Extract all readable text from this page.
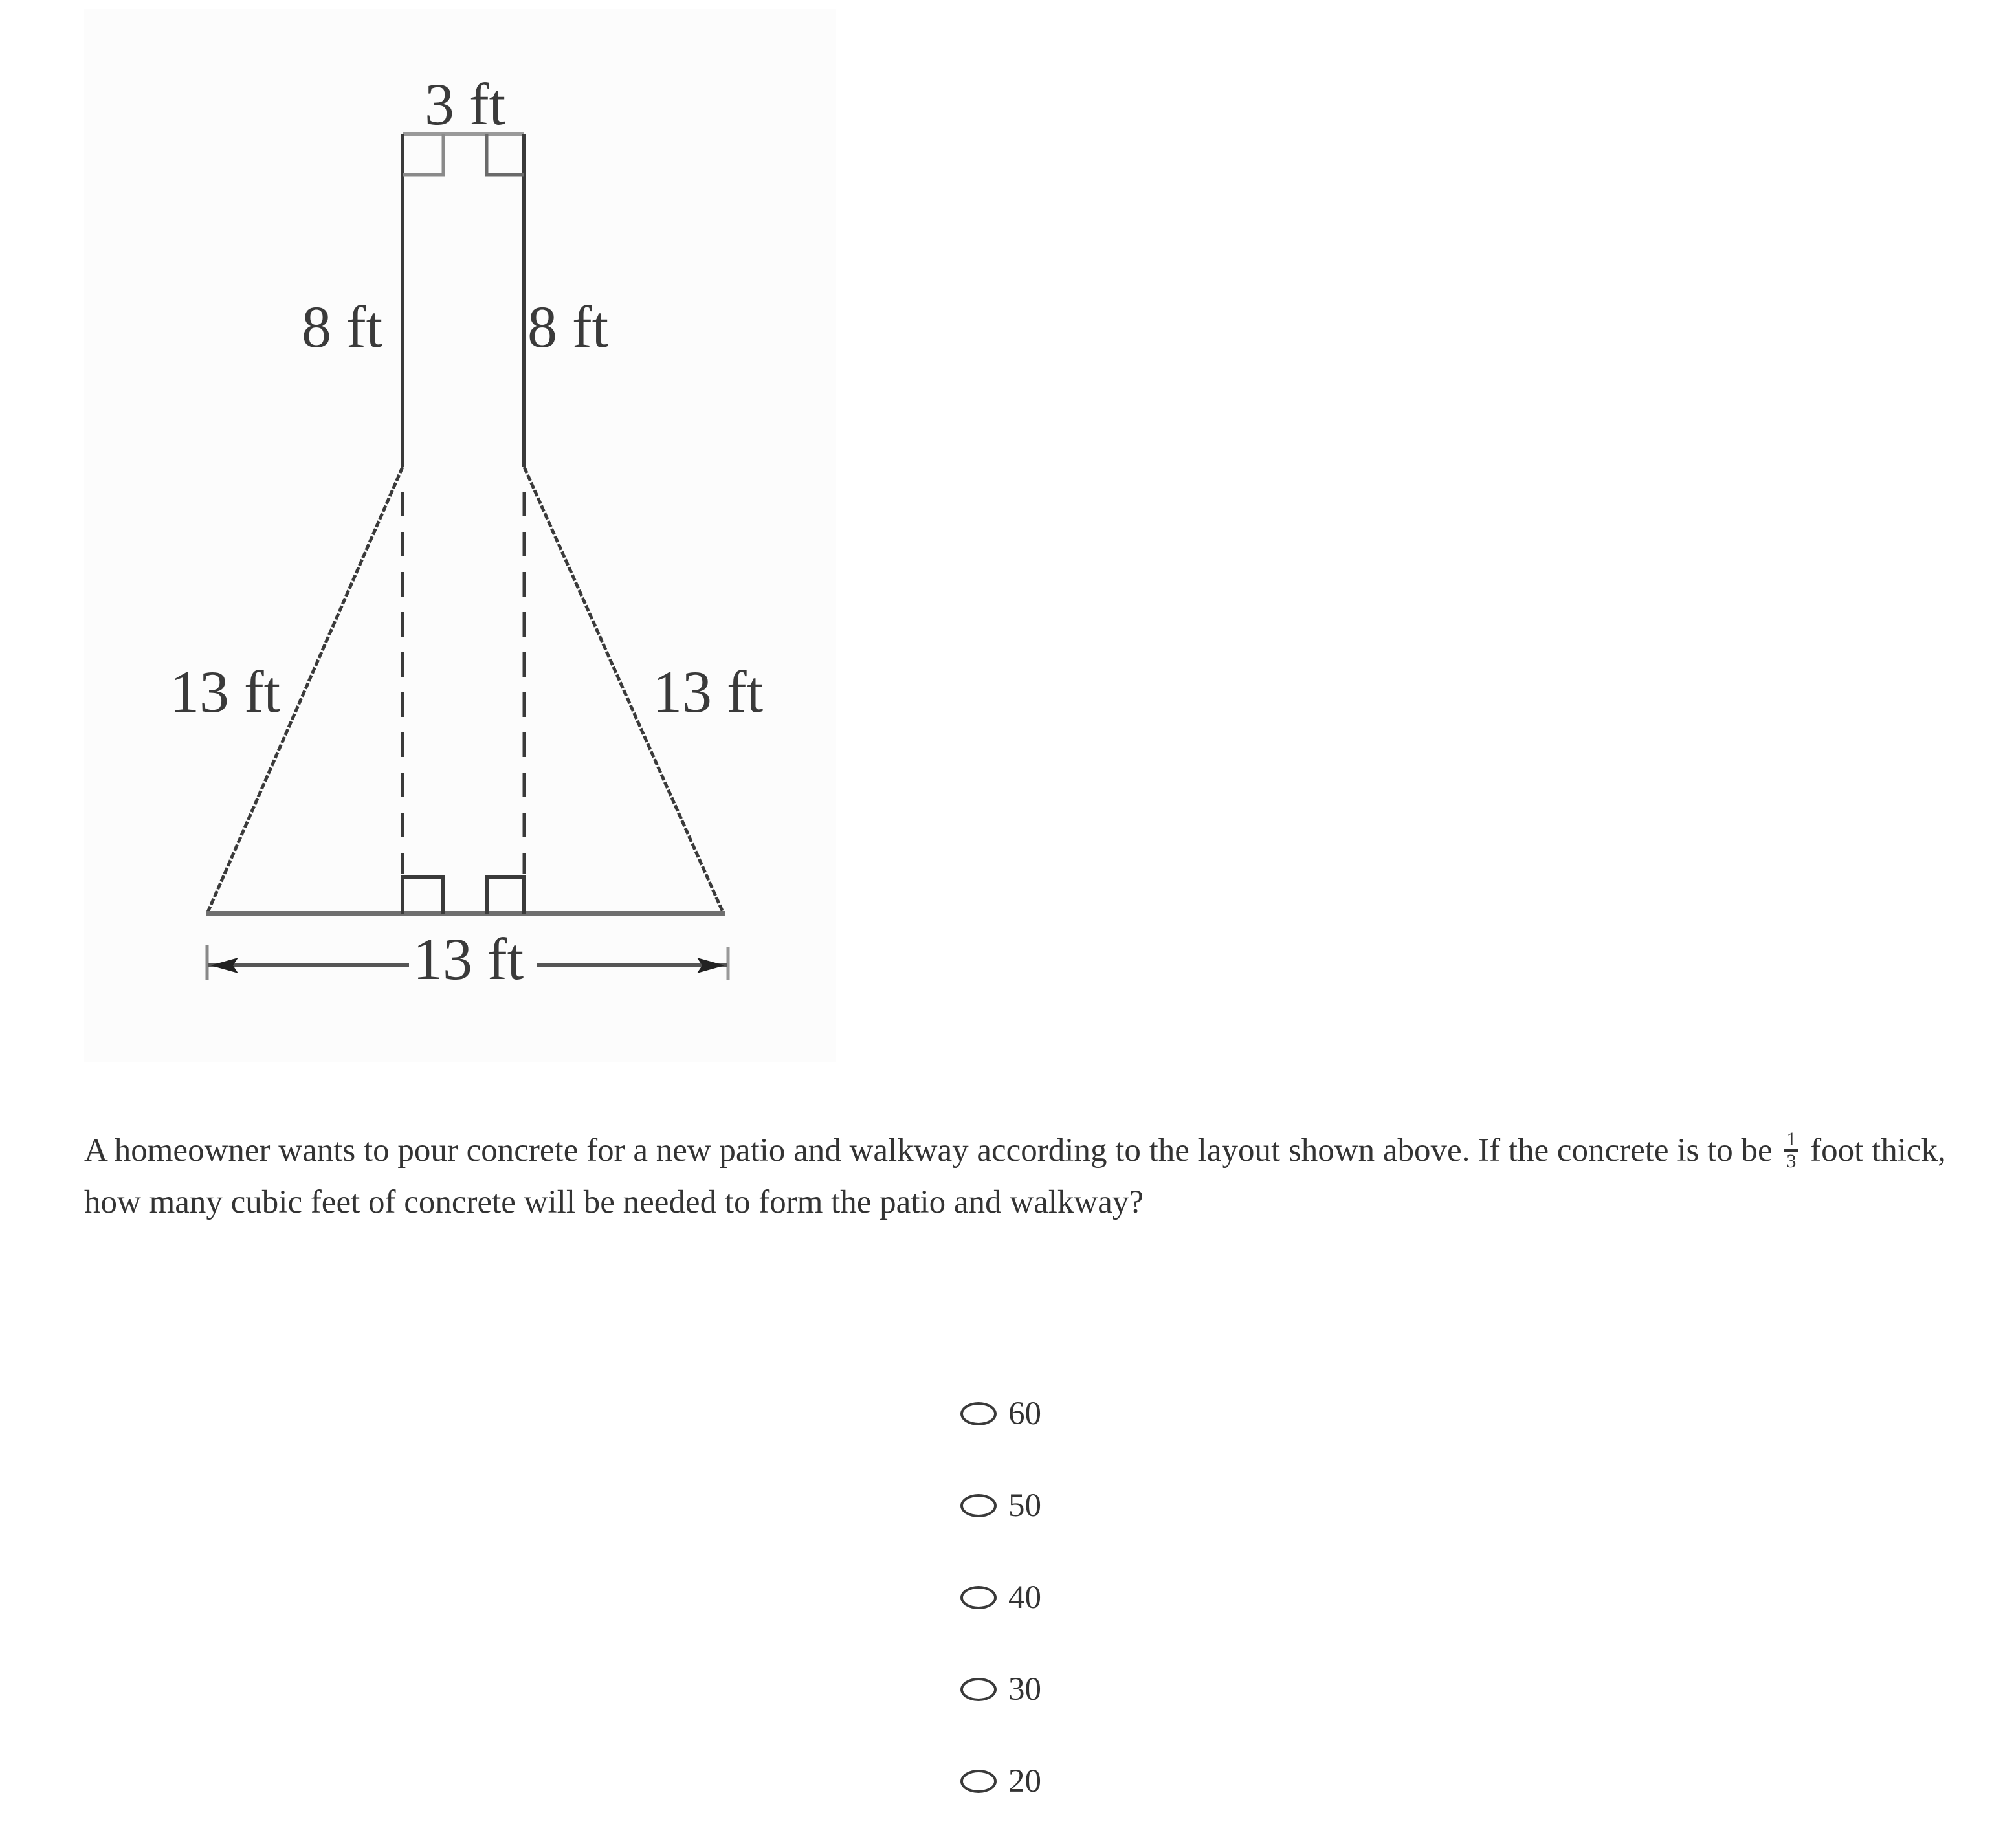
3 ft
8 ft 8 ft
13 ft	13 ft
13 ft
A homeowner wants to pour concrete for a new patio and walkway according to the layout shown above. If the concrete is to be $\frac{1}{3}$ foot thick, how many cubic feet of concrete will be needed to form the patio and walkway?
60
50
40
30
20
